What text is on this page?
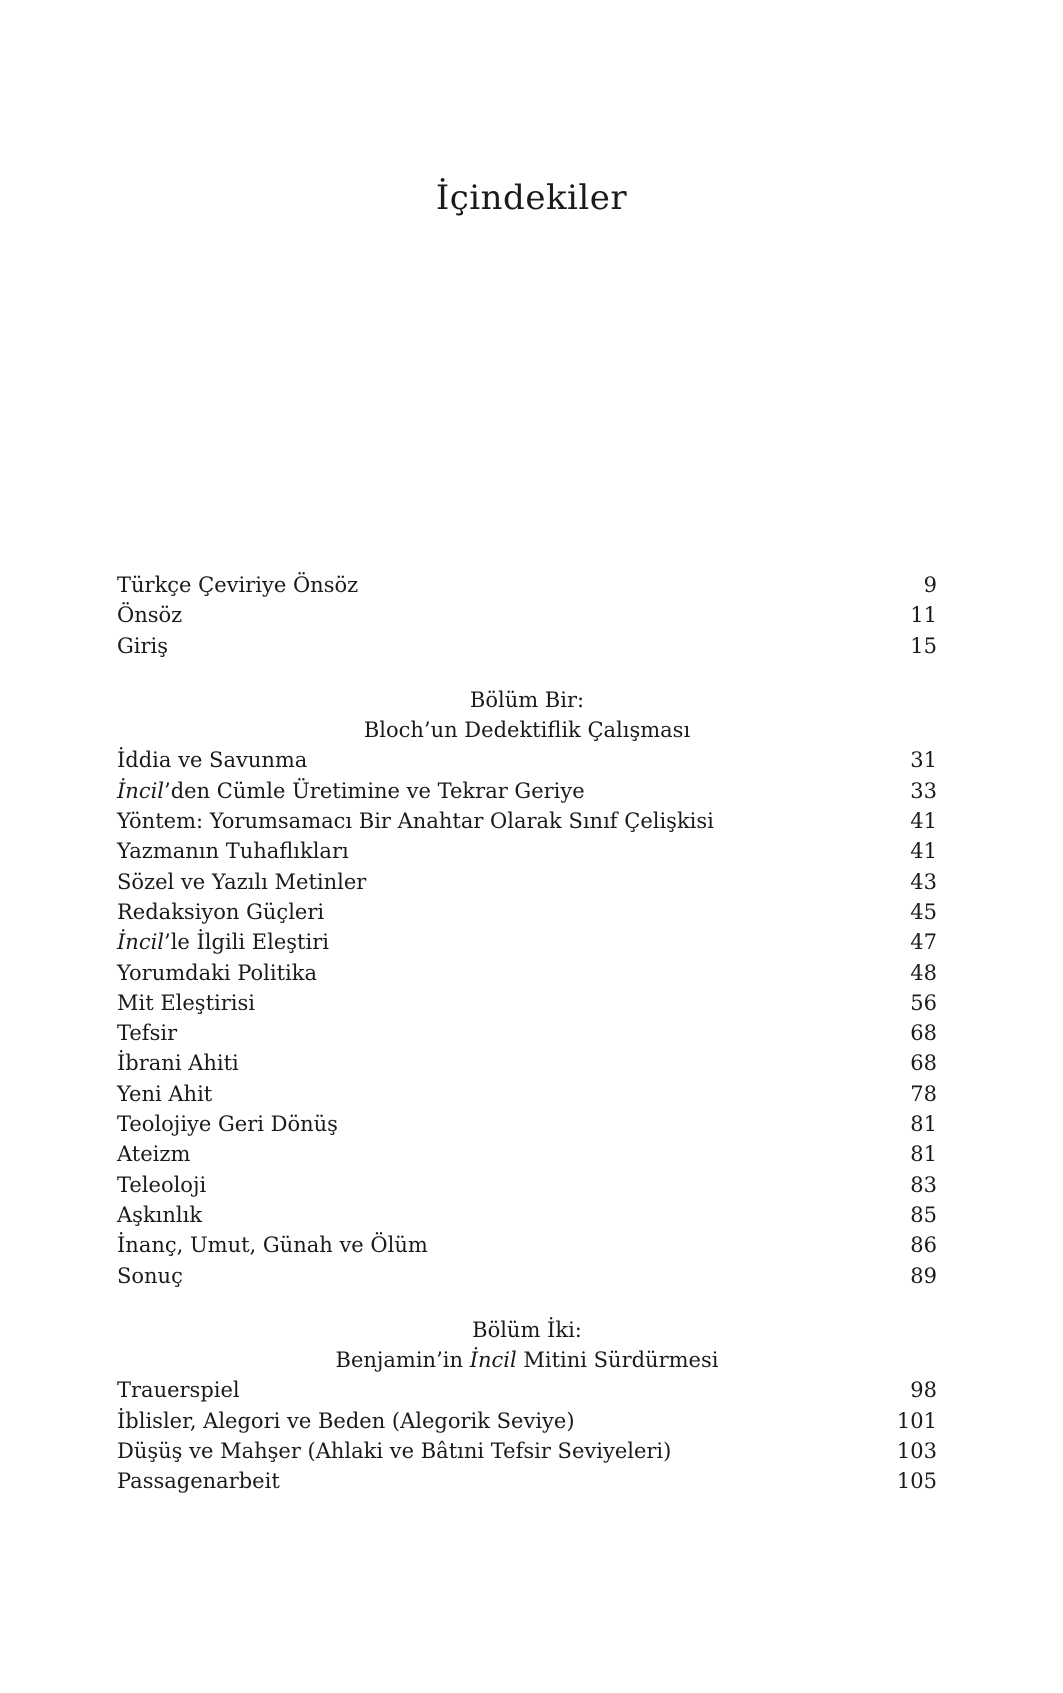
İçindekiler
Türkçe Çeviriye Önsöz	9
Önsöz	11
Giriş	15
Bölüm Bir:
Bloch’un Dedektiflik Çalışması
İddia ve Savunma	31
İncil’den Cümle Üretimine ve Tekrar Geriye	33
Yöntem: Yorumsamacı Bir Anahtar Olarak Sınıf Çelişkisi	41
Yazmanın Tuhaflıkları	41
Sözel ve Yazılı Metinler	43
Redaksiyon Güçleri	45
İncil’le İlgili Eleştiri	47
Yorumdaki Politika	48
Mit Eleştirisi	56
Tefsir	68
İbrani Ahiti	68
Yeni Ahit	78
Teolojiye Geri Dönüş	81
Ateizm	81
Teleoloji	83
Aşkınlık	85
İnanç, Umut, Günah ve Ölüm	86
Sonuç	89
Bölüm İki:
Benjamin’in İncil Mitini Sürdürmesi
Trauerspiel	98
İblisler, Alegori ve Beden (Alegorik Seviye)	101
Düşüş ve Mahşer (Ahlaki ve Bâtıni Tefsir Seviyeleri)	103
Passagenarbeit	105
